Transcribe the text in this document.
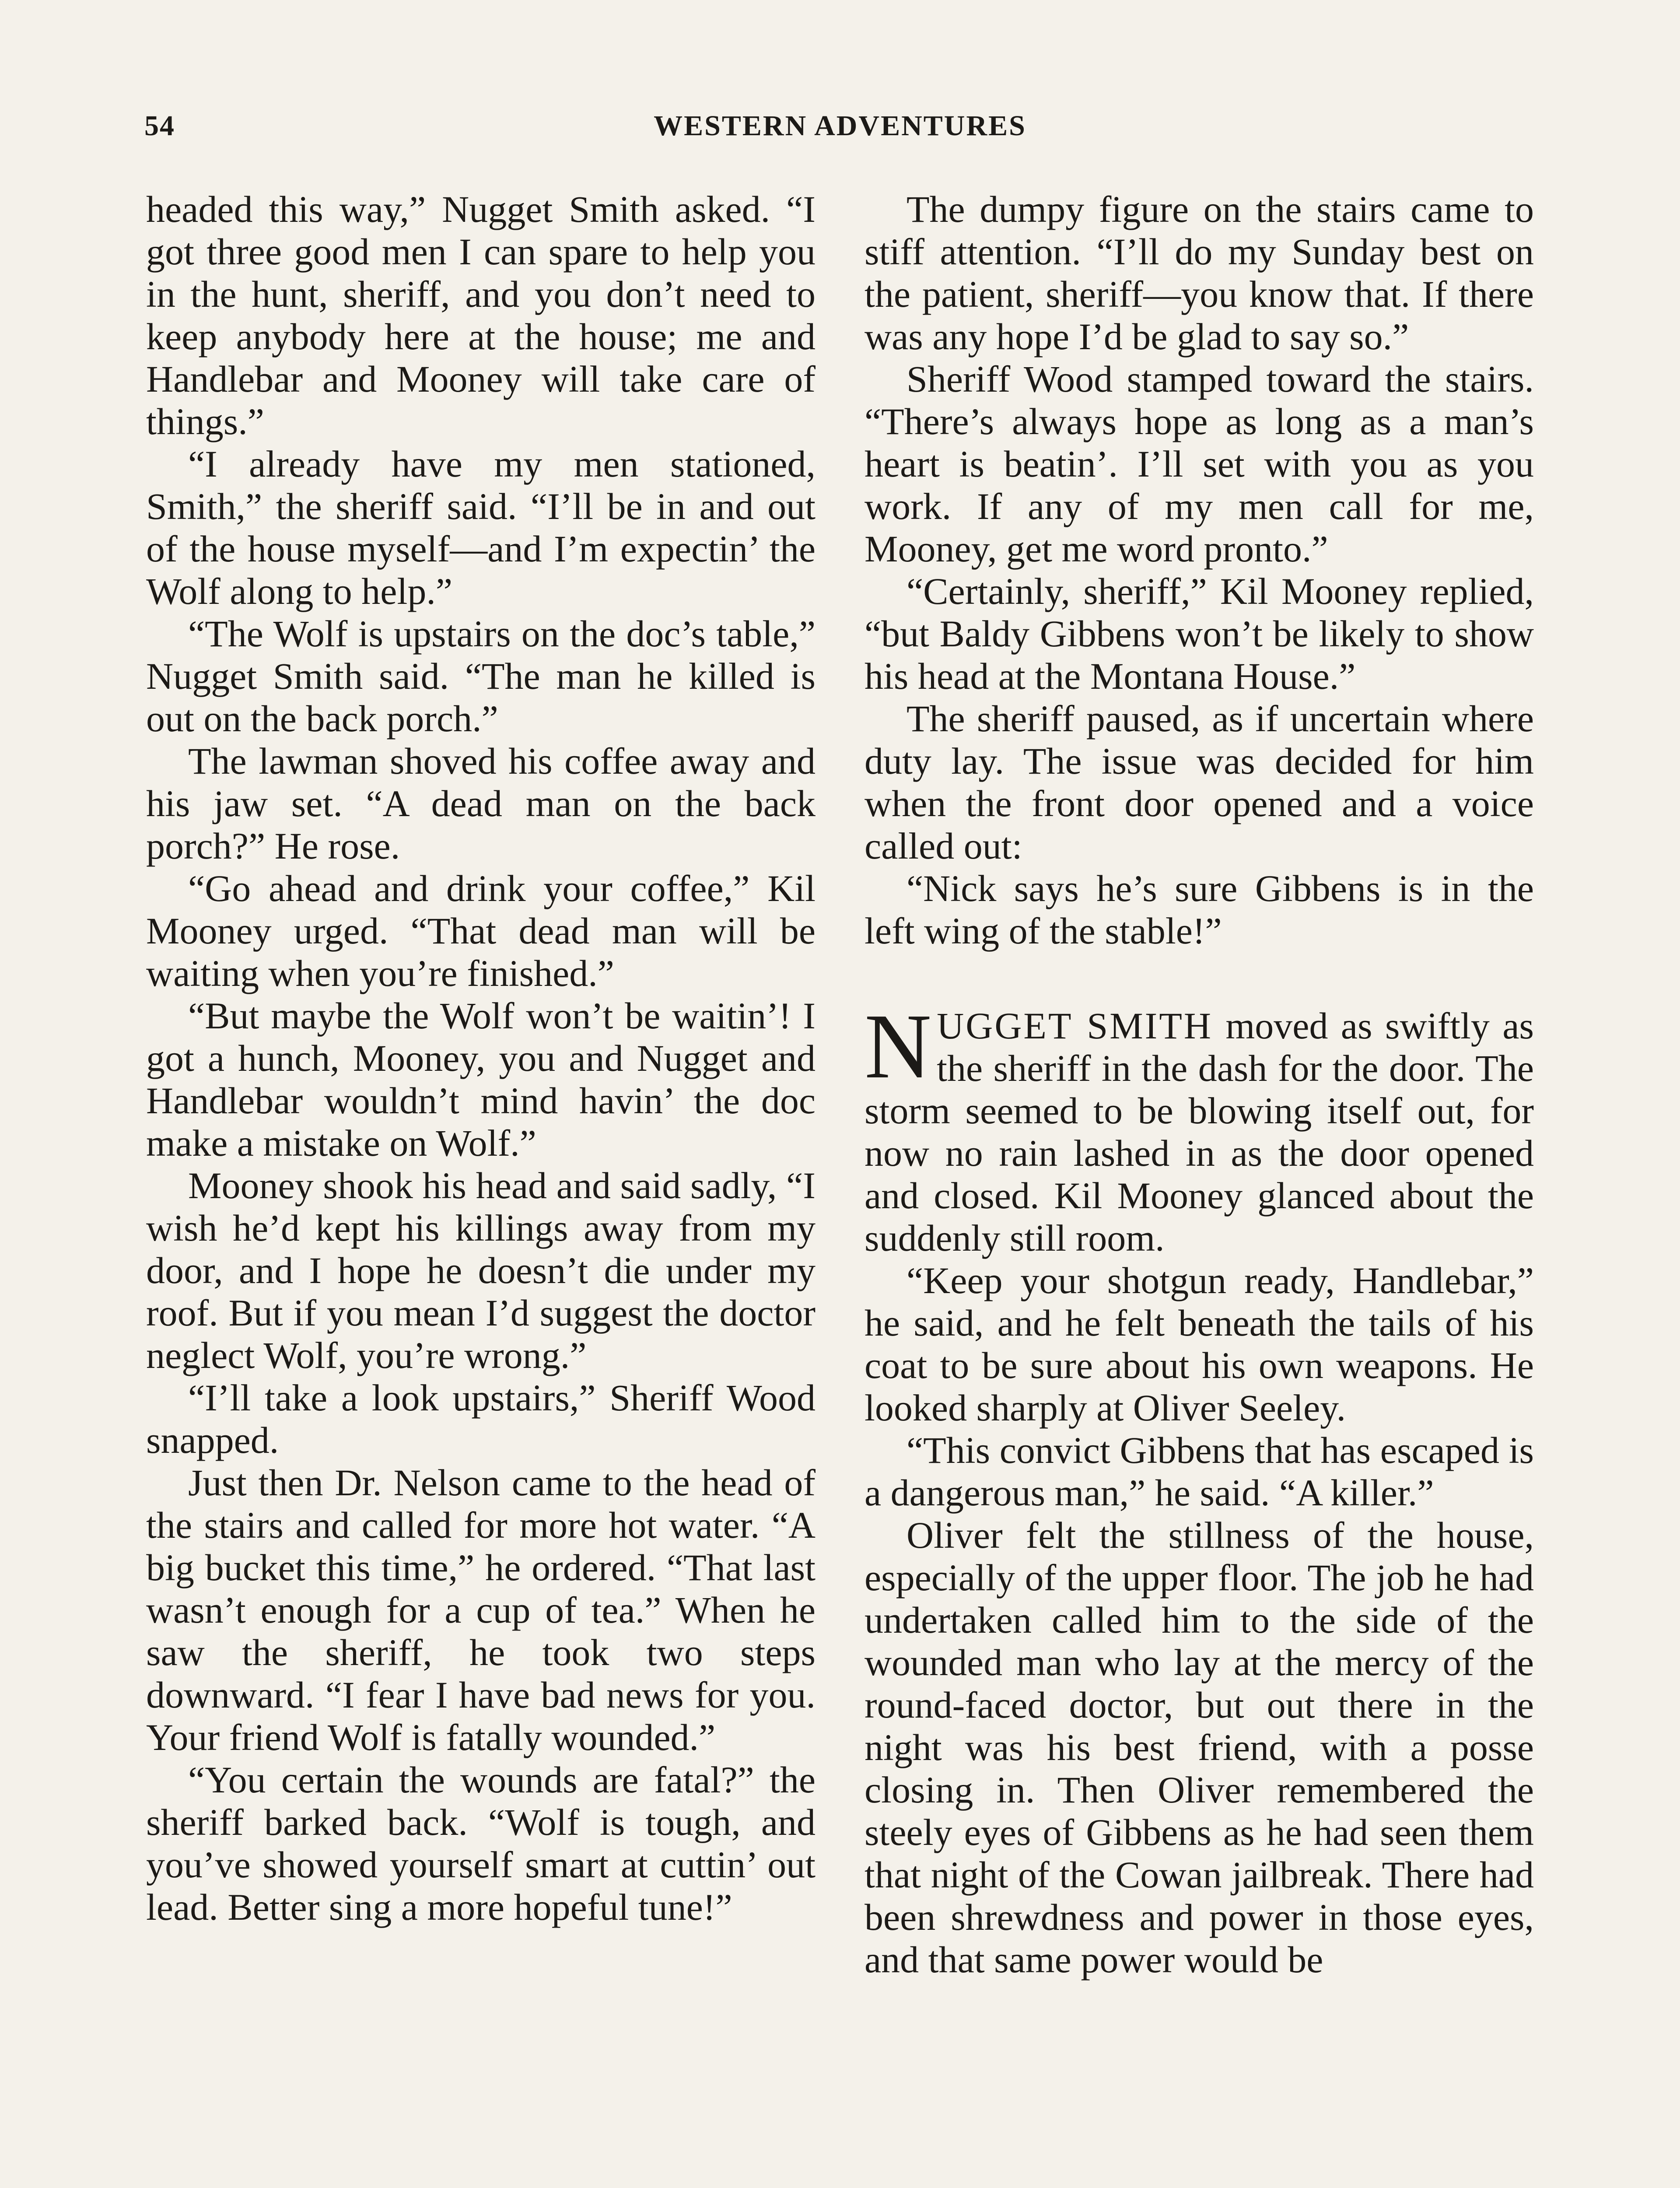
54	WESTERN ADVENTURES

headed this way,” Nugget Smith asked. “I got three good men I can spare to help you in the hunt, sheriff, and you don’t need to keep anybody here at the house; me and Handlebar and Mooney will take care of things.”

“I already have my men stationed, Smith,” the sheriff said. “I’ll be in and out of the house myself—and I’m expectin’ the Wolf along to help.”

“The Wolf is upstairs on the doc’s table,” Nugget Smith said. “The man he killed is out on the back porch.”

The lawman shoved his coffee away and his jaw set. “A dead man on the back porch?” He rose.

“Go ahead and drink your coffee,” Kil Mooney urged. “That dead man will be waiting when you’re finished.”

“But maybe the Wolf won’t be waitin’! I got a hunch, Mooney, you and Nugget and Handlebar wouldn’t mind havin’ the doc make a mistake on Wolf.”

Mooney shook his head and said sadly, “I wish he’d kept his killings away from my door, and I hope he doesn’t die under my roof. But if you mean I’d suggest the doctor neglect Wolf, you’re wrong.”

“I’ll take a look upstairs,” Sheriff Wood snapped.

Just then Dr. Nelson came to the head of the stairs and called for more hot water. “A big bucket this time,” he ordered. “That last wasn’t enough for a cup of tea.” When he saw the sheriff, he took two steps downward. “I fear I have bad news for you. Your friend Wolf is fatally wounded.”

“You certain the wounds are fatal?” the sheriff barked back. “Wolf is tough, and you’ve showed yourself smart at cuttin’ out lead. Better sing a more hopeful tune!”

The dumpy figure on the stairs came to stiff attention. “I’ll do my Sunday best on the patient, sheriff—you know that. If there was any hope I’d be glad to say so.”

Sheriff Wood stamped toward the stairs. “There’s always hope as long as a man’s heart is beatin’. I’ll set with you as you work. If any of my men call for me, Mooney, get me word pronto.”

“Certainly, sheriff,” Kil Mooney replied, “but Baldy Gibbens won’t be likely to show his head at the Montana House.”

The sheriff paused, as if uncertain where duty lay. The issue was decided for him when the front door opened and a voice called out:

“Nick says he’s sure Gibbens is in the left wing of the stable!”

NUGGET SMITH moved as swiftly as the sheriff in the dash for the door. The storm seemed to be blowing itself out, for now no rain lashed in as the door opened and closed. Kil Mooney glanced about the suddenly still room.

“Keep your shotgun ready, Handlebar,” he said, and he felt beneath the tails of his coat to be sure about his own weapons. He looked sharply at Oliver Seeley.

“This convict Gibbens that has escaped is a dangerous man,” he said. “A killer.”

Oliver felt the stillness of the house, especially of the upper floor. The job he had undertaken called him to the side of the wounded man who lay at the mercy of the round-faced doctor, but out there in the night was his best friend, with a posse closing in. Then Oliver remembered the steely eyes of Gibbens as he had seen them that night of the Cowan jailbreak. There had been shrewdness and power in those eyes, and that same power would be
